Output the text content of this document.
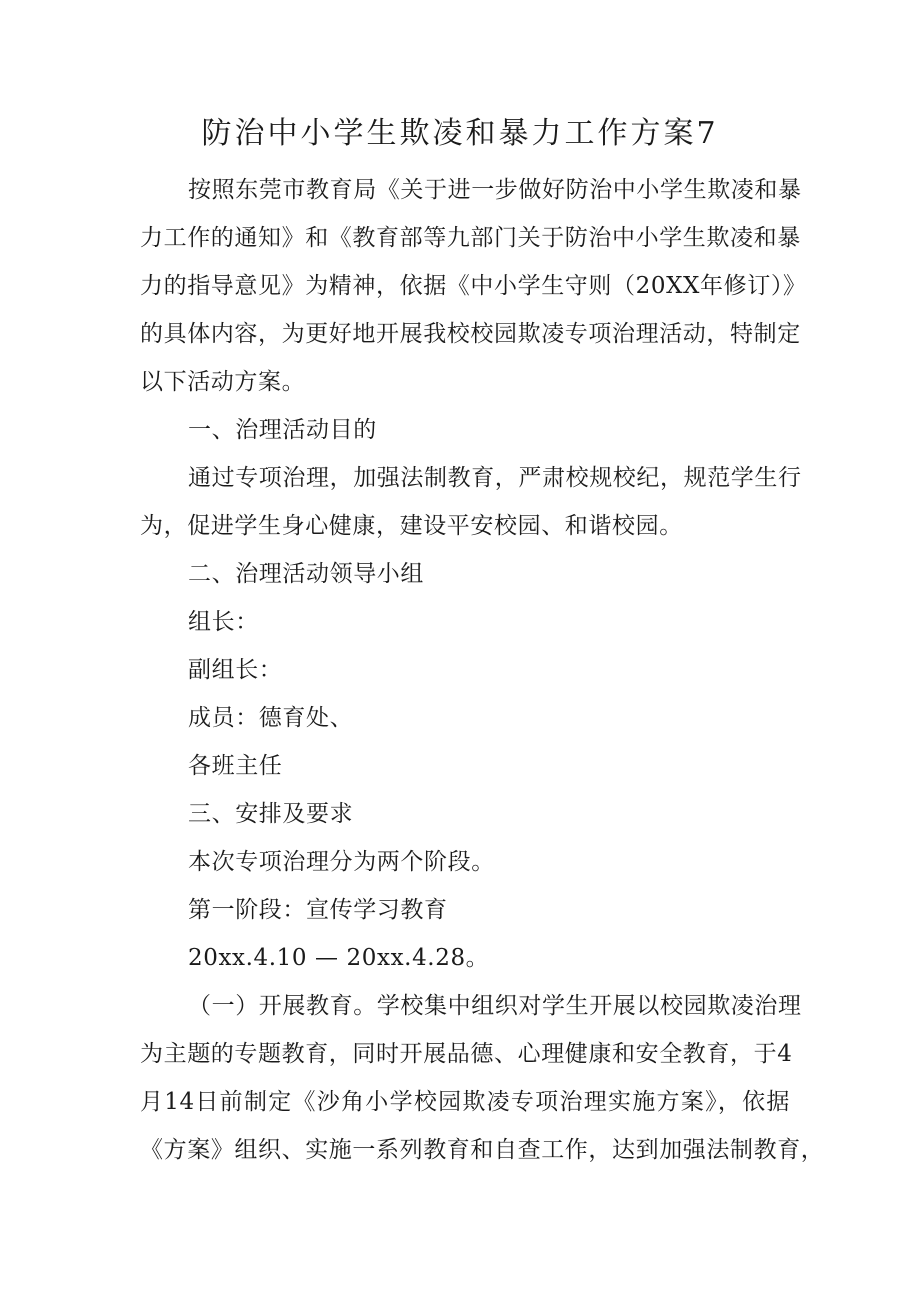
防治中小学生欺凌和暴力工作方案7
按照东莞市教育局《关于进一步做好防治中小学生欺凌和暴
力工作的通知》和《教育部等九部门关于防治中小学生欺凌和暴
力的指导意见》为精神，依据《中小学生守则（20XX年修订）》
的具体内容，为更好地开展我校校园欺凌专项治理活动，特制定
以下活动方案。
一、治理活动目的
通过专项治理，加强法制教育，严肃校规校纪，规范学生行
为，促进学生身心健康，建设平安校园、和谐校园。
二、治理活动领导小组
组长：
副组长：
成员：德育处、
各班主任
三、安排及要求
本次专项治理分为两个阶段。
第一阶段：宣传学习教育
20xx.4.10 — 20xx.4.28。
（一）开展教育。学校集中组织对学生开展以校园欺凌治理
为主题的专题教育，同时开展品德、心理健康和安全教育，于4
月14日前制定《沙角小学校园欺凌专项治理实施方案》，依据
《方案》组织、实施一系列教育和自查工作，达到加强法制教育，
